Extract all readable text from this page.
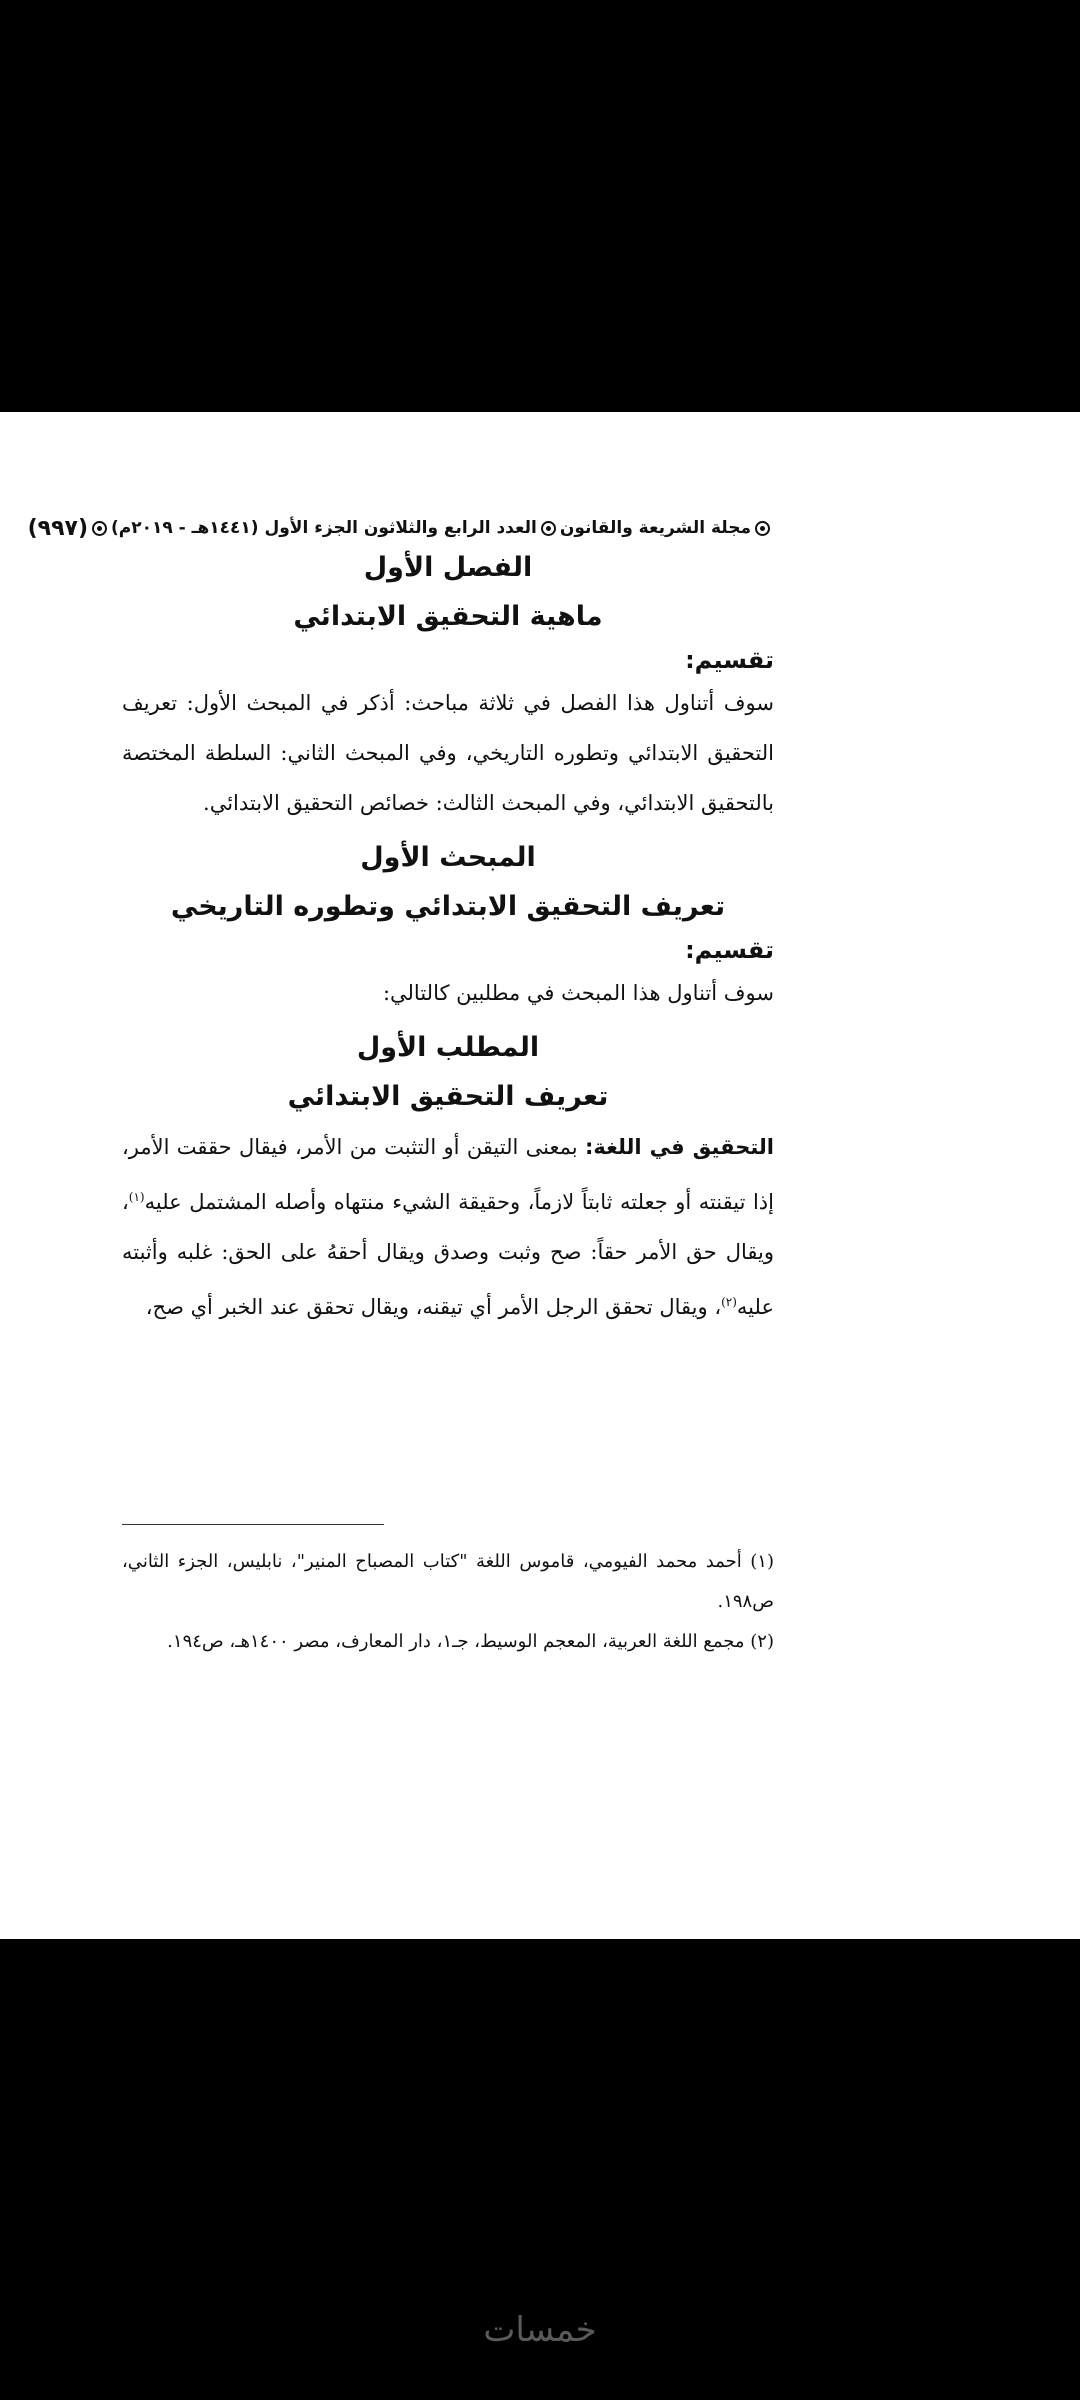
مجلة الشريعة والقانونالعدد الرابع والثلاثون الجزء الأول (١٤٤١هـ - ٢٠١٩م)
(٩٩٧)
الفصل الأول
ماهية التحقيق الابتدائي
تقسيم:

سوف أتناول هذا الفصل في ثلاثة مباحث: أذكر في المبحث الأول: تعريف التحقيق الابتدائي وتطوره التاريخي، وفي المبحث الثاني: السلطة المختصة بالتحقيق الابتدائي، وفي المبحث الثالث: خصائص التحقيق الابتدائي.

المبحث الأول
تعريف التحقيق الابتدائي وتطوره التاريخي
تقسيم:

سوف أتناول هذا المبحث في مطلبين كالتالي:

المطلب الأول
تعريف التحقيق الابتدائي

التحقيق في اللغة: بمعنى التيقن أو التثبت من الأمر، فيقال حققت الأمر، إذا تيقنته أو جعلته ثابتاً لازماً، وحقيقة الشيء منتهاه وأصله المشتمل عليه$^{(١)}$، ويقال حق الأمر حقاً: صح وثبت وصدق ويقال أحقهُ على الحق: غلبه وأثبته عليه$^{(٢)}$، ويقال تحقق الرجل الأمر أي تيقنه، ويقال تحقق عند الخبر أي صح،

(١) أحمد محمد الفيومي، قاموس اللغة "كتاب المصباح المنير"، نابليس، الجزء الثاني، ص١٩٨.

(٢) مجمع اللغة العربية، المعجم الوسيط، جـ١، دار المعارف، مصر ١٤٠٠هـ، ص١٩٤.

خمسات
